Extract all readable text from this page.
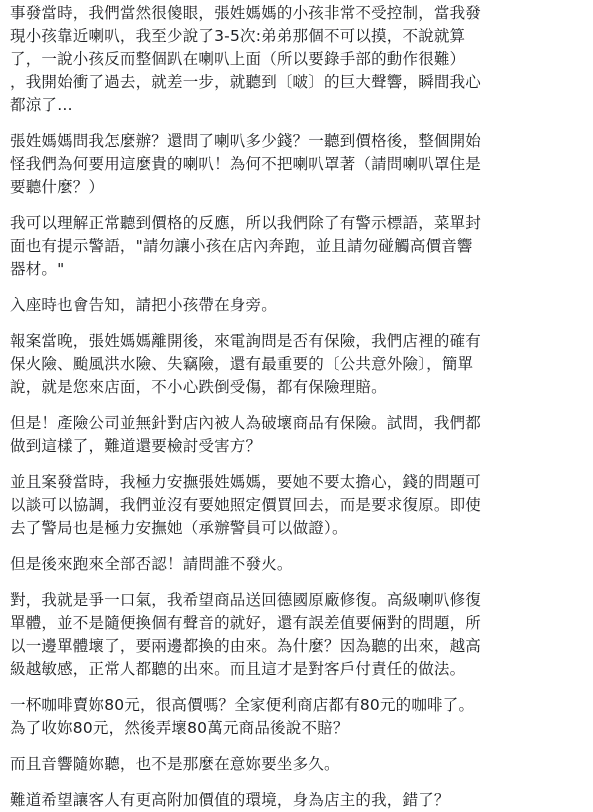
事發當時，我們當然很傻眼，張姓媽媽的小孩非常不受控制，當我發
現小孩靠近喇叭，我至少說了3-5次:弟弟那個不可以摸，不說就算
了，一說小孩反而整個趴在喇叭上面（所以要錄手部的動作很難）
，我開始衝了過去，就差一步，就聽到〔啵〕的巨大聲響，瞬間我心
都涼了…
張姓媽媽問我怎麼辦？還問了喇叭多少錢？一聽到價格後，整個開始
怪我們為何要用這麼貴的喇叭！為何不把喇叭罩著（請問喇叭罩住是
要聽什麼？）
我可以理解正常聽到價格的反應，所以我們除了有警示標語，菜單封
面也有提示警語，"請勿讓小孩在店內奔跑，並且請勿碰觸高價音響
器材。"
入座時也會告知，請把小孩帶在身旁。
報案當晚，張姓媽媽離開後，來電詢問是否有保險，我們店裡的確有
保火險、颱風洪水險、失竊險，還有最重要的〔公共意外險〕，簡單
說，就是您來店面，不小心跌倒受傷，都有保險理賠。
但是！產險公司並無針對店內被人為破壞商品有保險。試問，我們都
做到這樣了，難道還要檢討受害方？
並且案發當時，我極力安撫張姓媽媽，要她不要太擔心，錢的問題可
以談可以協調，我們並沒有要她照定價買回去，而是要求復原。即使
去了警局也是極力安撫她（承辦警員可以做證）。
但是後來跑來全部否認！請問誰不發火。
對，我就是爭一口氣，我希望商品送回德國原廠修復。高級喇叭修復
單體，並不是隨便換個有聲音的就好，還有誤差值要倆對的問題，所
以一邊單體壞了，要兩邊都換的由來。為什麼？因為聽的出來，越高
級越敏感，正常人都聽的出來。而且這才是對客戶付責任的做法。
一杯咖啡賣妳80元，很高價嗎？全家便利商店都有80元的咖啡了。
為了收妳80元，然後弄壞80萬元商品後說不賠？
而且音響隨妳聽，也不是那麼在意妳要坐多久。
難道希望讓客人有更高附加價值的環境，身為店主的我，錯了？
